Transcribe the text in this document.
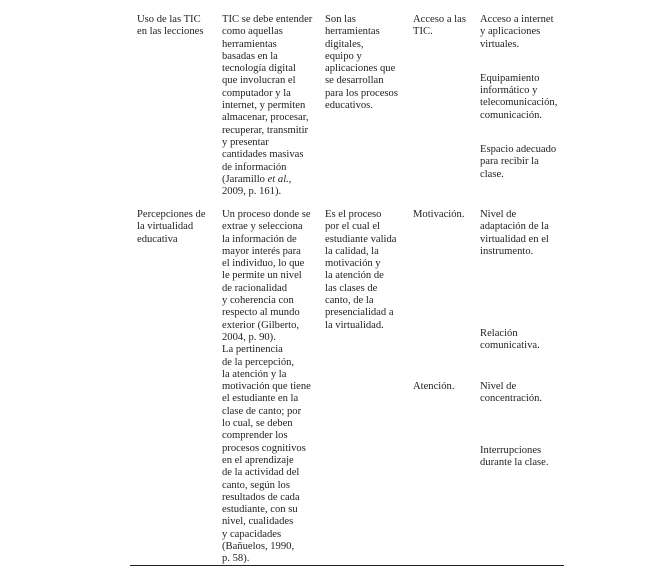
Uso de las TIC
en las lecciones

TIC se debe entender
como aquellas
herramientas
basadas en la
tecnología digital
que involucran el
computador y la
internet, y permiten
almacenar, procesar,
recuperar, transmitir
y presentar
cantidades masivas
de información
(Jaramillo et al.,
2009, p. 161).

Son las
herramientas
digitales,
equipo y
aplicaciones que
se desarrollan
para los procesos
educativos.

Acceso a las
TIC.

Acceso a internet
y aplicaciones
virtuales.

Equipamiento
informático y
telecomunicación,
comunicación.

Espacio adecuado
para recibir la
clase.

Percepciones de
la virtualidad
educativa

Un proceso donde se
extrae y selecciona
la información de
mayor interés para
el individuo, lo que
le permite un nivel
de racionalidad
y coherencia con
respecto al mundo
exterior (Gilberto,
2004, p. 90).

La pertinencia
de la percepción,
la atención y la
motivación que tiene
el estudiante en la
clase de canto; por
lo cual, se deben
comprender los
procesos cognitivos
en el aprendizaje
de la actividad del
canto, según los
resultados de cada
estudiante, con su
nivel, cualidades
y capacidades
(Bañuelos, 1990,
p. 58).

Es el proceso
por el cual el
estudiante valida
la calidad, la
motivación y
la atención de
las clases de
canto, de la
presencialidad a
la virtualidad.

Motivación.

Atención.

Nivel de
adaptación de la
virtualidad en el
instrumento.

Relación
comunicativa.

Nivel de
concentración.

Interrupciones
durante la clase.
